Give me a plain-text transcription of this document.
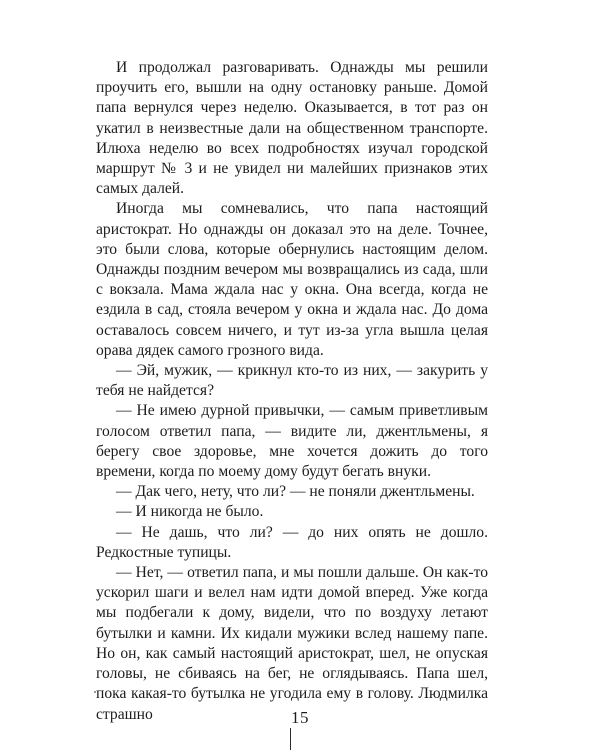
И продолжал разговаривать. Однажды мы решили проучить его, вышли на одну остановку раньше. Домой папа вернулся через неделю. Оказывается, в тот раз он укатил в неизвестные дали на общественном транспорте. Илюха неделю во всех подробностях изучал городской маршрут № 3 и не увидел ни малейших признаков этих самых далей.

Иногда мы сомневались, что папа настоящий аристократ. Но однажды он доказал это на деле. Точнее, это были слова, которые обернулись настоящим делом. Однажды поздним вечером мы возвращались из сада, шли с вокзала. Мама ждала нас у окна. Она всегда, когда не ездила в сад, стояла вечером у окна и ждала нас. До дома оставалось совсем ничего, и тут из-за угла вышла целая орава дядек самого грозного вида.

— Эй, мужик, — крикнул кто-то из них, — закурить у тебя не найдется?

— Не имею дурной привычки, — самым приветливым голосом ответил папа, — видите ли, джентльмены, я берегу свое здоровье, мне хочется дожить до того времени, когда по моему дому будут бегать внуки.

— Дак чего, нету, что ли? — не поняли джентльмены.

— И никогда не было.

— Не дашь, что ли? — до них опять не дошло. Редкостные тупицы.

— Нет, — ответил папа, и мы пошли дальше. Он как-то ускорил шаги и велел нам идти домой вперед. Уже когда мы подбегали к дому, видели, что по воздуху летают бутылки и камни. Их кидали мужики вслед нашему папе. Но он, как самый настоящий аристократ, шел, не опуская головы, не сбиваясь на бег, не оглядываясь. Папа шел, пока какая-то бутылка не угодила ему в голову. Людмилка страшно	15
